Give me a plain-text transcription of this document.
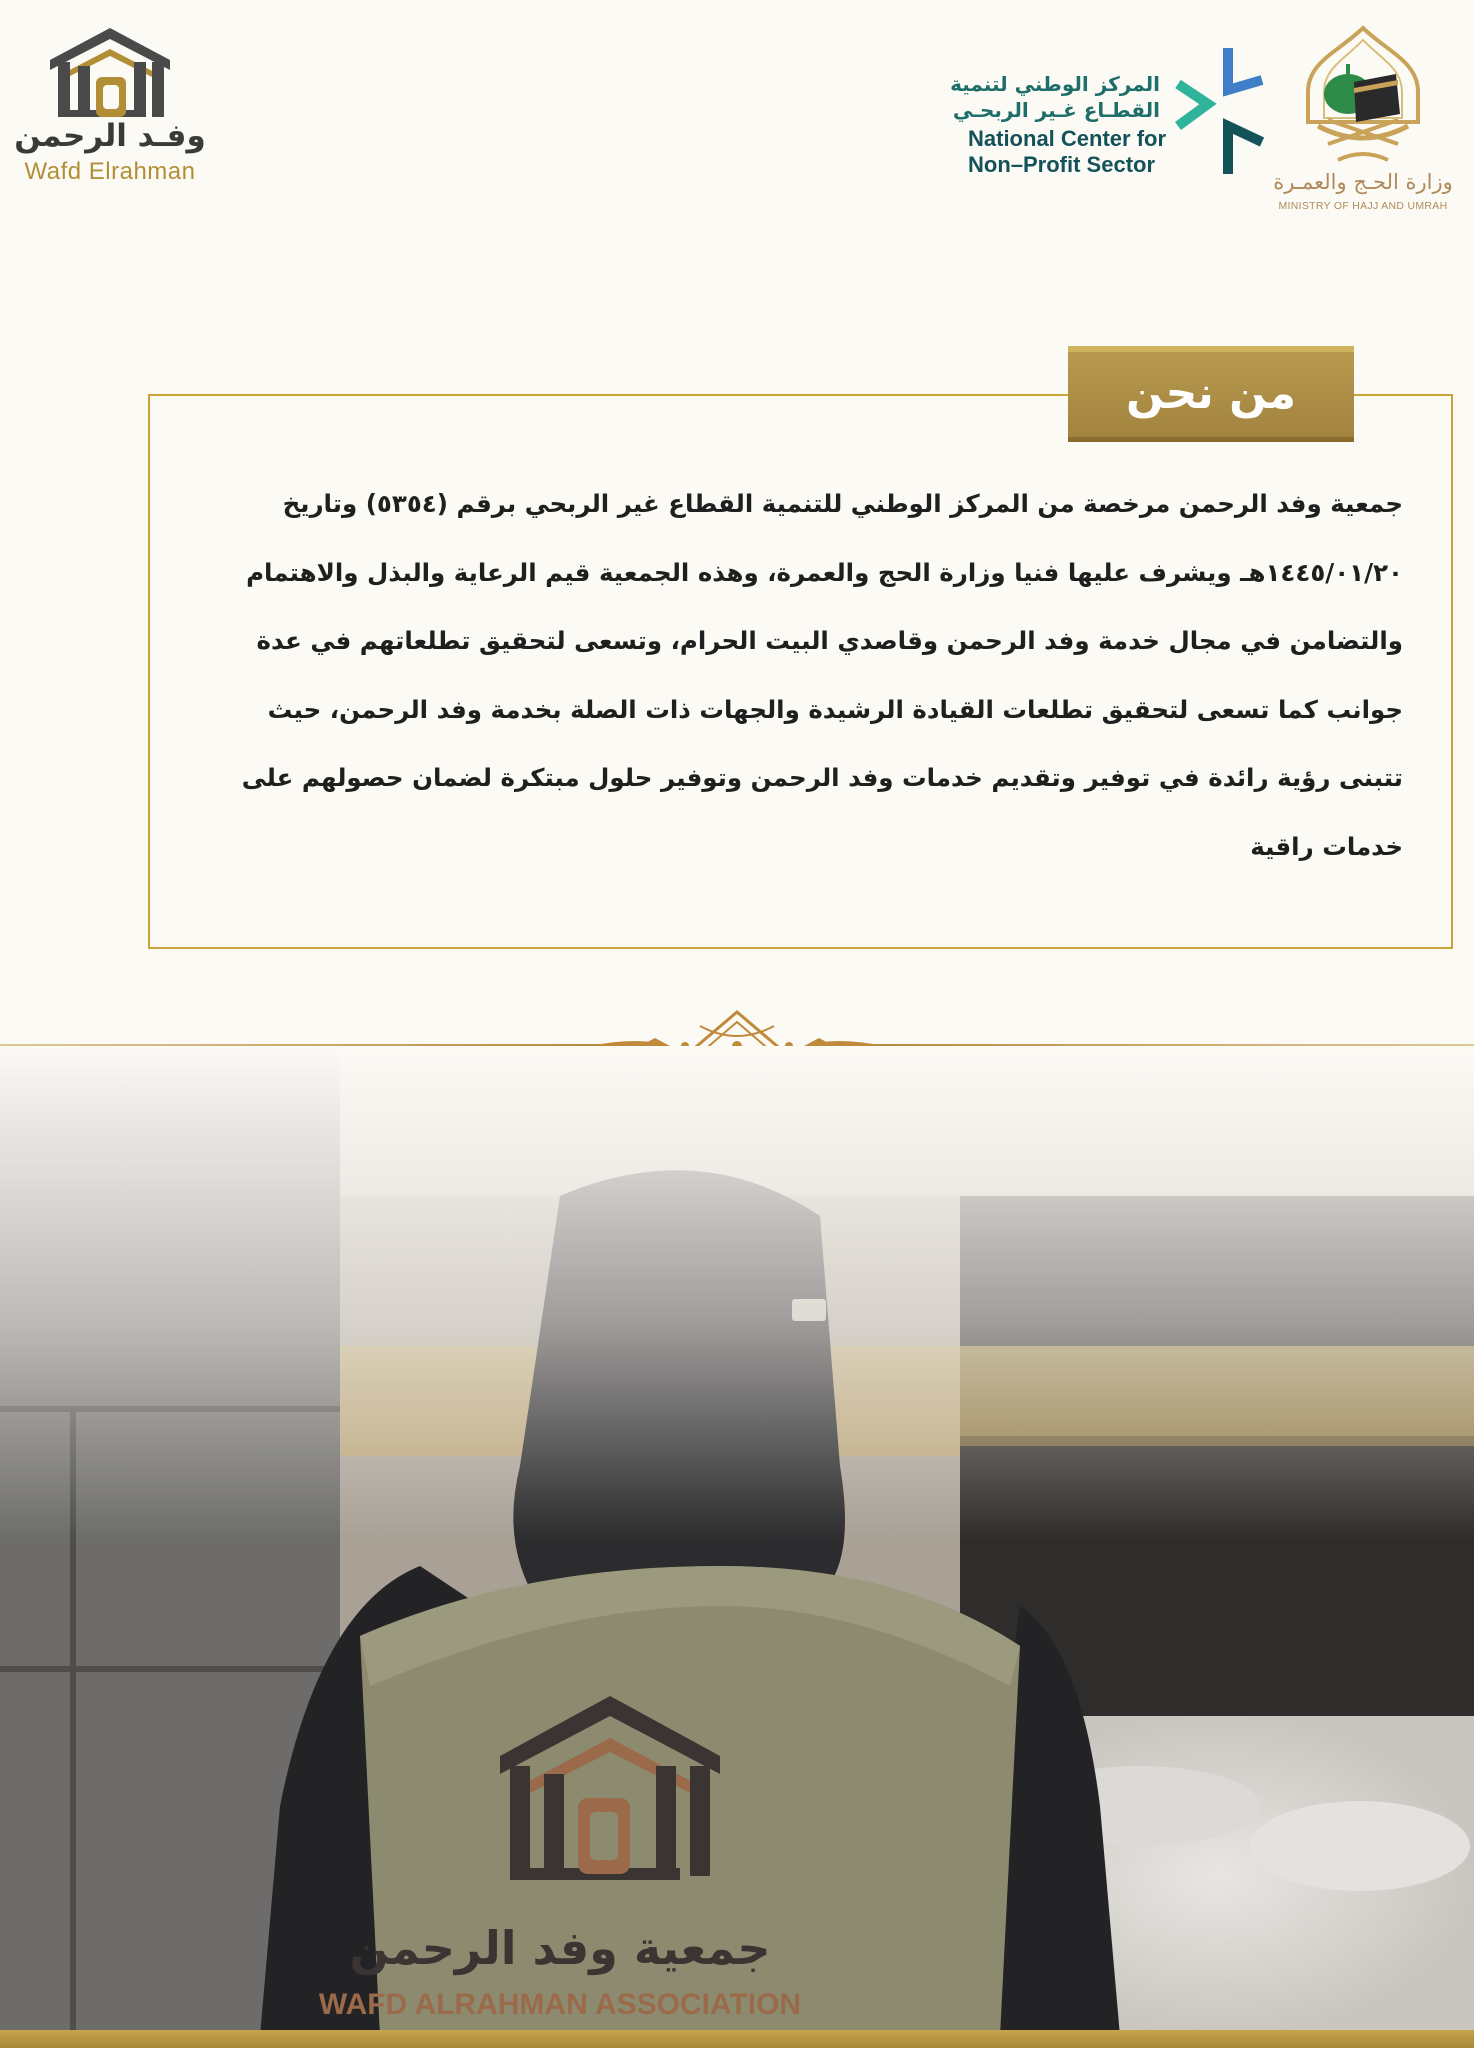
وفـد الرحمن
Wafd Elrahman
المركز الوطني لتنمية
القطـاع غـير الربحـي
National Center for
Non–Profit Sector
وزارة الحـج والعمـرة
MINISTRY OF HAJJ AND UMRAH
من نحن

جمعية وفد الرحمن مرخصة من المركز الوطني للتنمية القطاع غير الربحي برقم (٥٣٥٤) وتاريخ

١٤٤٥/٠١/٢٠هـ ويشرف عليها فنيا وزارة الحج والعمرة، وهذه الجمعية قيم الرعاية والبذل والاهتمام

والتضامن في مجال خدمة وفد الرحمن وقاصدي البيت الحرام، وتسعى لتحقيق تطلعاتهم في عدة

جوانب كما تسعى لتحقيق تطلعات القيادة الرشيدة والجهات ذات الصلة بخدمة وفد الرحمن، حيث

تتبنى رؤية رائدة في توفير وتقديم خدمات وفد الرحمن وتوفير حلول مبتكرة لضمان حصولهم على

خدمات راقية
